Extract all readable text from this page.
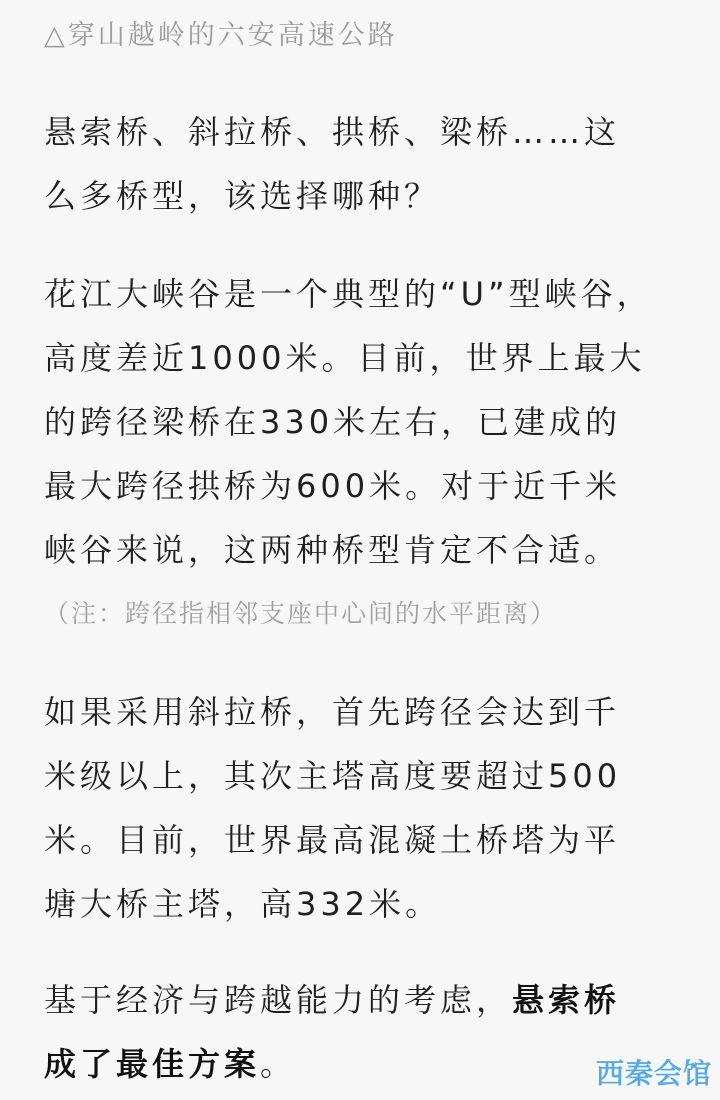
△穿山越岭的六安高速公路
悬索桥、斜拉桥、拱桥、梁桥……这
么多桥型，该选择哪种？
花江大峡谷是一个典型的“U”型峡谷，
高度差近1000米。目前，世界上最大
的跨径梁桥在330米左右，已建成的
最大跨径拱桥为600米。对于近千米
峡谷来说，这两种桥型肯定不合适。
（注：跨径指相邻支座中心间的水平距离）
如果采用斜拉桥，首先跨径会达到千
米级以上，其次主塔高度要超过500
米。目前，世界最高混凝土桥塔为平
塘大桥主塔，高332米。
基于经济与跨越能力的考虑，悬索桥
成了最佳方案。	西秦会馆
